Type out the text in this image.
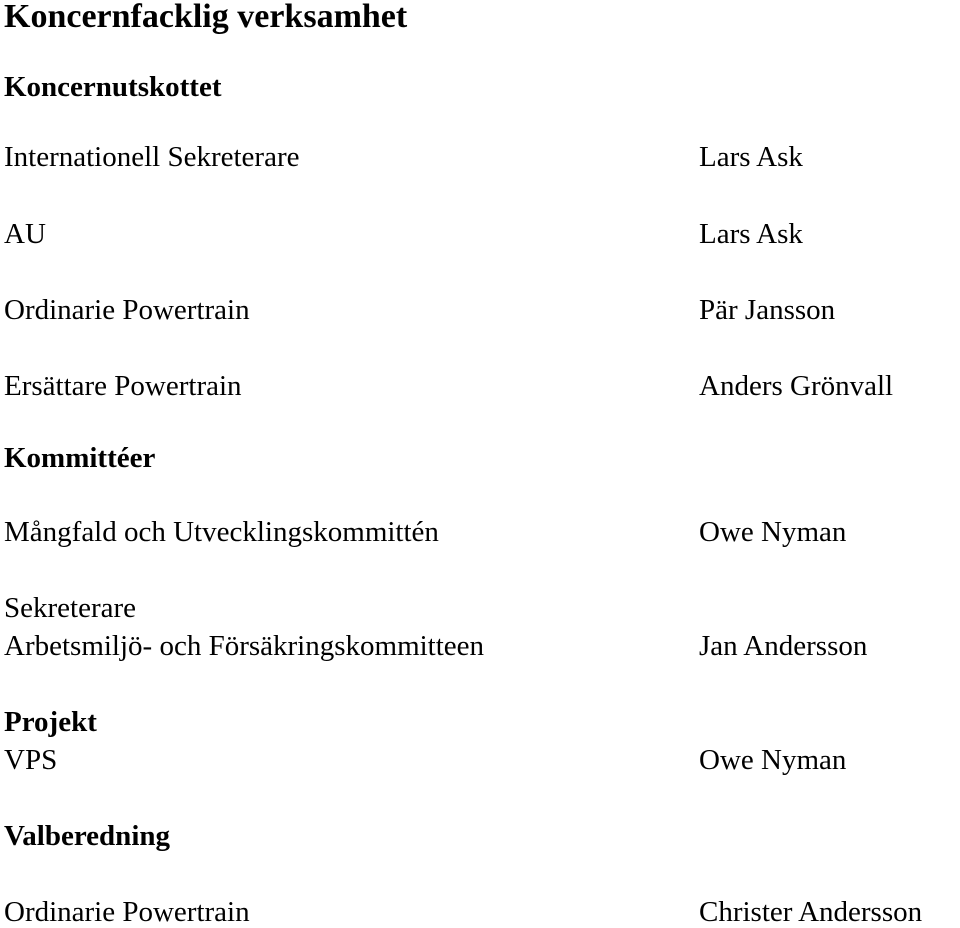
Koncernfacklig verksamhet
Koncernutskottet
Internationell Sekreterare	Lars Ask
AU	Lars Ask
Ordinarie Powertrain	Pär Jansson
Ersättare Powertrain	Anders Grönvall
Kommittéer
Mångfald och Utvecklingskommittén	Owe Nyman
Sekreterare
Arbetsmiljö- och Försäkringskommitteen	Jan Andersson
Projekt
VPS	Owe Nyman
Valberedning
Ordinarie Powertrain	Christer Andersson
